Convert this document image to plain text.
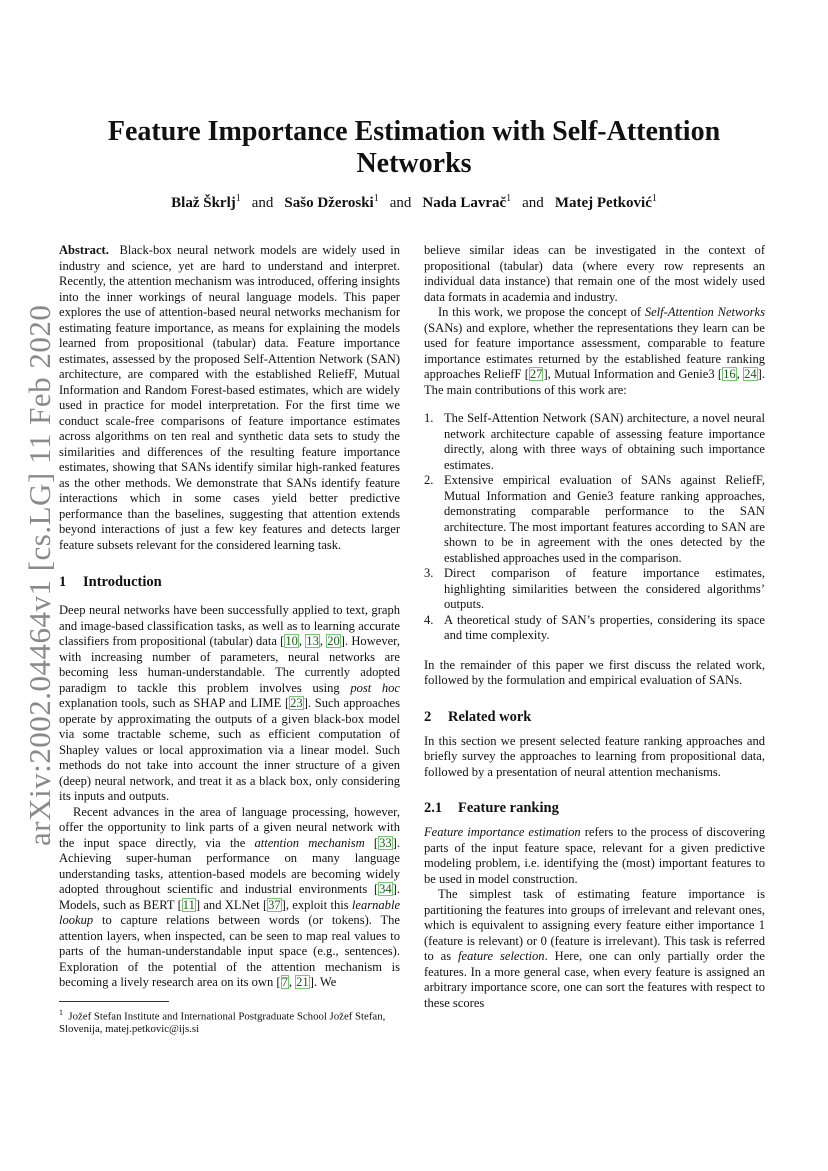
arXiv:2002.04464v1 [cs.LG] 11 Feb 2020
Feature Importance Estimation with Self-Attention Networks
Blaž Škrlj$^1$ and Sašo Džeroski$^1$ and Nada Lavrač$^1$ and Matej Petković$^1$

Abstract. Black-box neural network models are widely used in industry and science, yet are hard to understand and interpret. Recently, the attention mechanism was introduced, offering insights into the inner workings of neural language models. This paper explores the use of attention-based neural networks mechanism for estimating feature importance, as means for explaining the models learned from propositional (tabular) data. Feature importance estimates, assessed by the proposed Self-Attention Network (SAN) architecture, are compared with the established ReliefF, Mutual Information and Random Forest-based estimates, which are widely used in practice for model interpretation. For the first time we conduct scale-free comparisons of feature importance estimates across algorithms on ten real and synthetic data sets to study the similarities and differences of the resulting feature importance estimates, showing that SANs identify similar high-ranked features as the other methods. We demonstrate that SANs identify feature interactions which in some cases yield better predictive performance than the baselines, suggesting that attention extends beyond interactions of just a few key features and detects larger feature subsets relevant for the considered learning task.

1 Introduction

Deep neural networks have been successfully applied to text, graph and image-based classification tasks, as well as to learning accurate classifiers from propositional (tabular) data [10, 13, 20]. However, with increasing number of parameters, neural networks are becoming less human-understandable. The currently adopted paradigm to tackle this problem involves using post hoc explanation tools, such as SHAP and LIME [23]. Such approaches operate by approximating the outputs of a given black-box model via some tractable scheme, such as efficient computation of Shapley values or local approximation via a linear model. Such methods do not take into account the inner structure of a given (deep) neural network, and treat it as a black box, only considering its inputs and outputs.

Recent advances in the area of language processing, however, offer the opportunity to link parts of a given neural network with the input space directly, via the attention mechanism [33]. Achieving super-human performance on many language understanding tasks, attention-based models are becoming widely adopted throughout scientific and industrial environments [34]. Models, such as BERT [11] and XLNet [37], exploit this learnable lookup to capture relations between words (or tokens). The attention layers, when inspected, can be seen to map real values to parts of the human-understandable input space (e.g., sentences). Exploration of the potential of the attention mechanism is becoming a lively research area on its own [7, 21]. We

$^1$ Jožef Stefan Institute and International Postgraduate School Jožef Stefan, Slovenija, matej.petkovic@ijs.si

believe similar ideas can be investigated in the context of propositional (tabular) data (where every row represents an individual data instance) that remain one of the most widely used data formats in academia and industry.

In this work, we propose the concept of Self-Attention Networks (SANs) and explore, whether the representations they learn can be used for feature importance assessment, comparable to feature importance estimates returned by the established feature ranking approaches ReliefF [27], Mutual Information and Genie3 [16, 24]. The main contributions of this work are:

1. The Self-Attention Network (SAN) architecture, a novel neural network architecture capable of assessing feature importance directly, along with three ways of obtaining such importance estimates.
2. Extensive empirical evaluation of SANs against ReliefF, Mutual Information and Genie3 feature ranking approaches, demonstrating comparable performance to the SAN architecture. The most important features according to SAN are shown to be in agreement with the ones detected by the established approaches used in the comparison.
3. Direct comparison of feature importance estimates, highlighting similarities between the considered algorithms’ outputs.
4. A theoretical study of SAN’s properties, considering its space and time complexity.

In the remainder of this paper we first discuss the related work, followed by the formulation and empirical evaluation of SANs.

2 Related work

In this section we present selected feature ranking approaches and briefly survey the approaches to learning from propositional data, followed by a presentation of neural attention mechanisms.

2.1 Feature ranking

Feature importance estimation refers to the process of discovering parts of the input feature space, relevant for a given predictive modeling problem, i.e. identifying the (most) important features to be used in model construction.

The simplest task of estimating feature importance is partitioning the features into groups of irrelevant and relevant ones, which is equivalent to assigning every feature either importance 1 (feature is relevant) or 0 (feature is irrelevant). This task is referred to as feature selection. Here, one can only partially order the features. In a more general case, when every feature is assigned an arbitrary importance score, one can sort the features with respect to these scores
